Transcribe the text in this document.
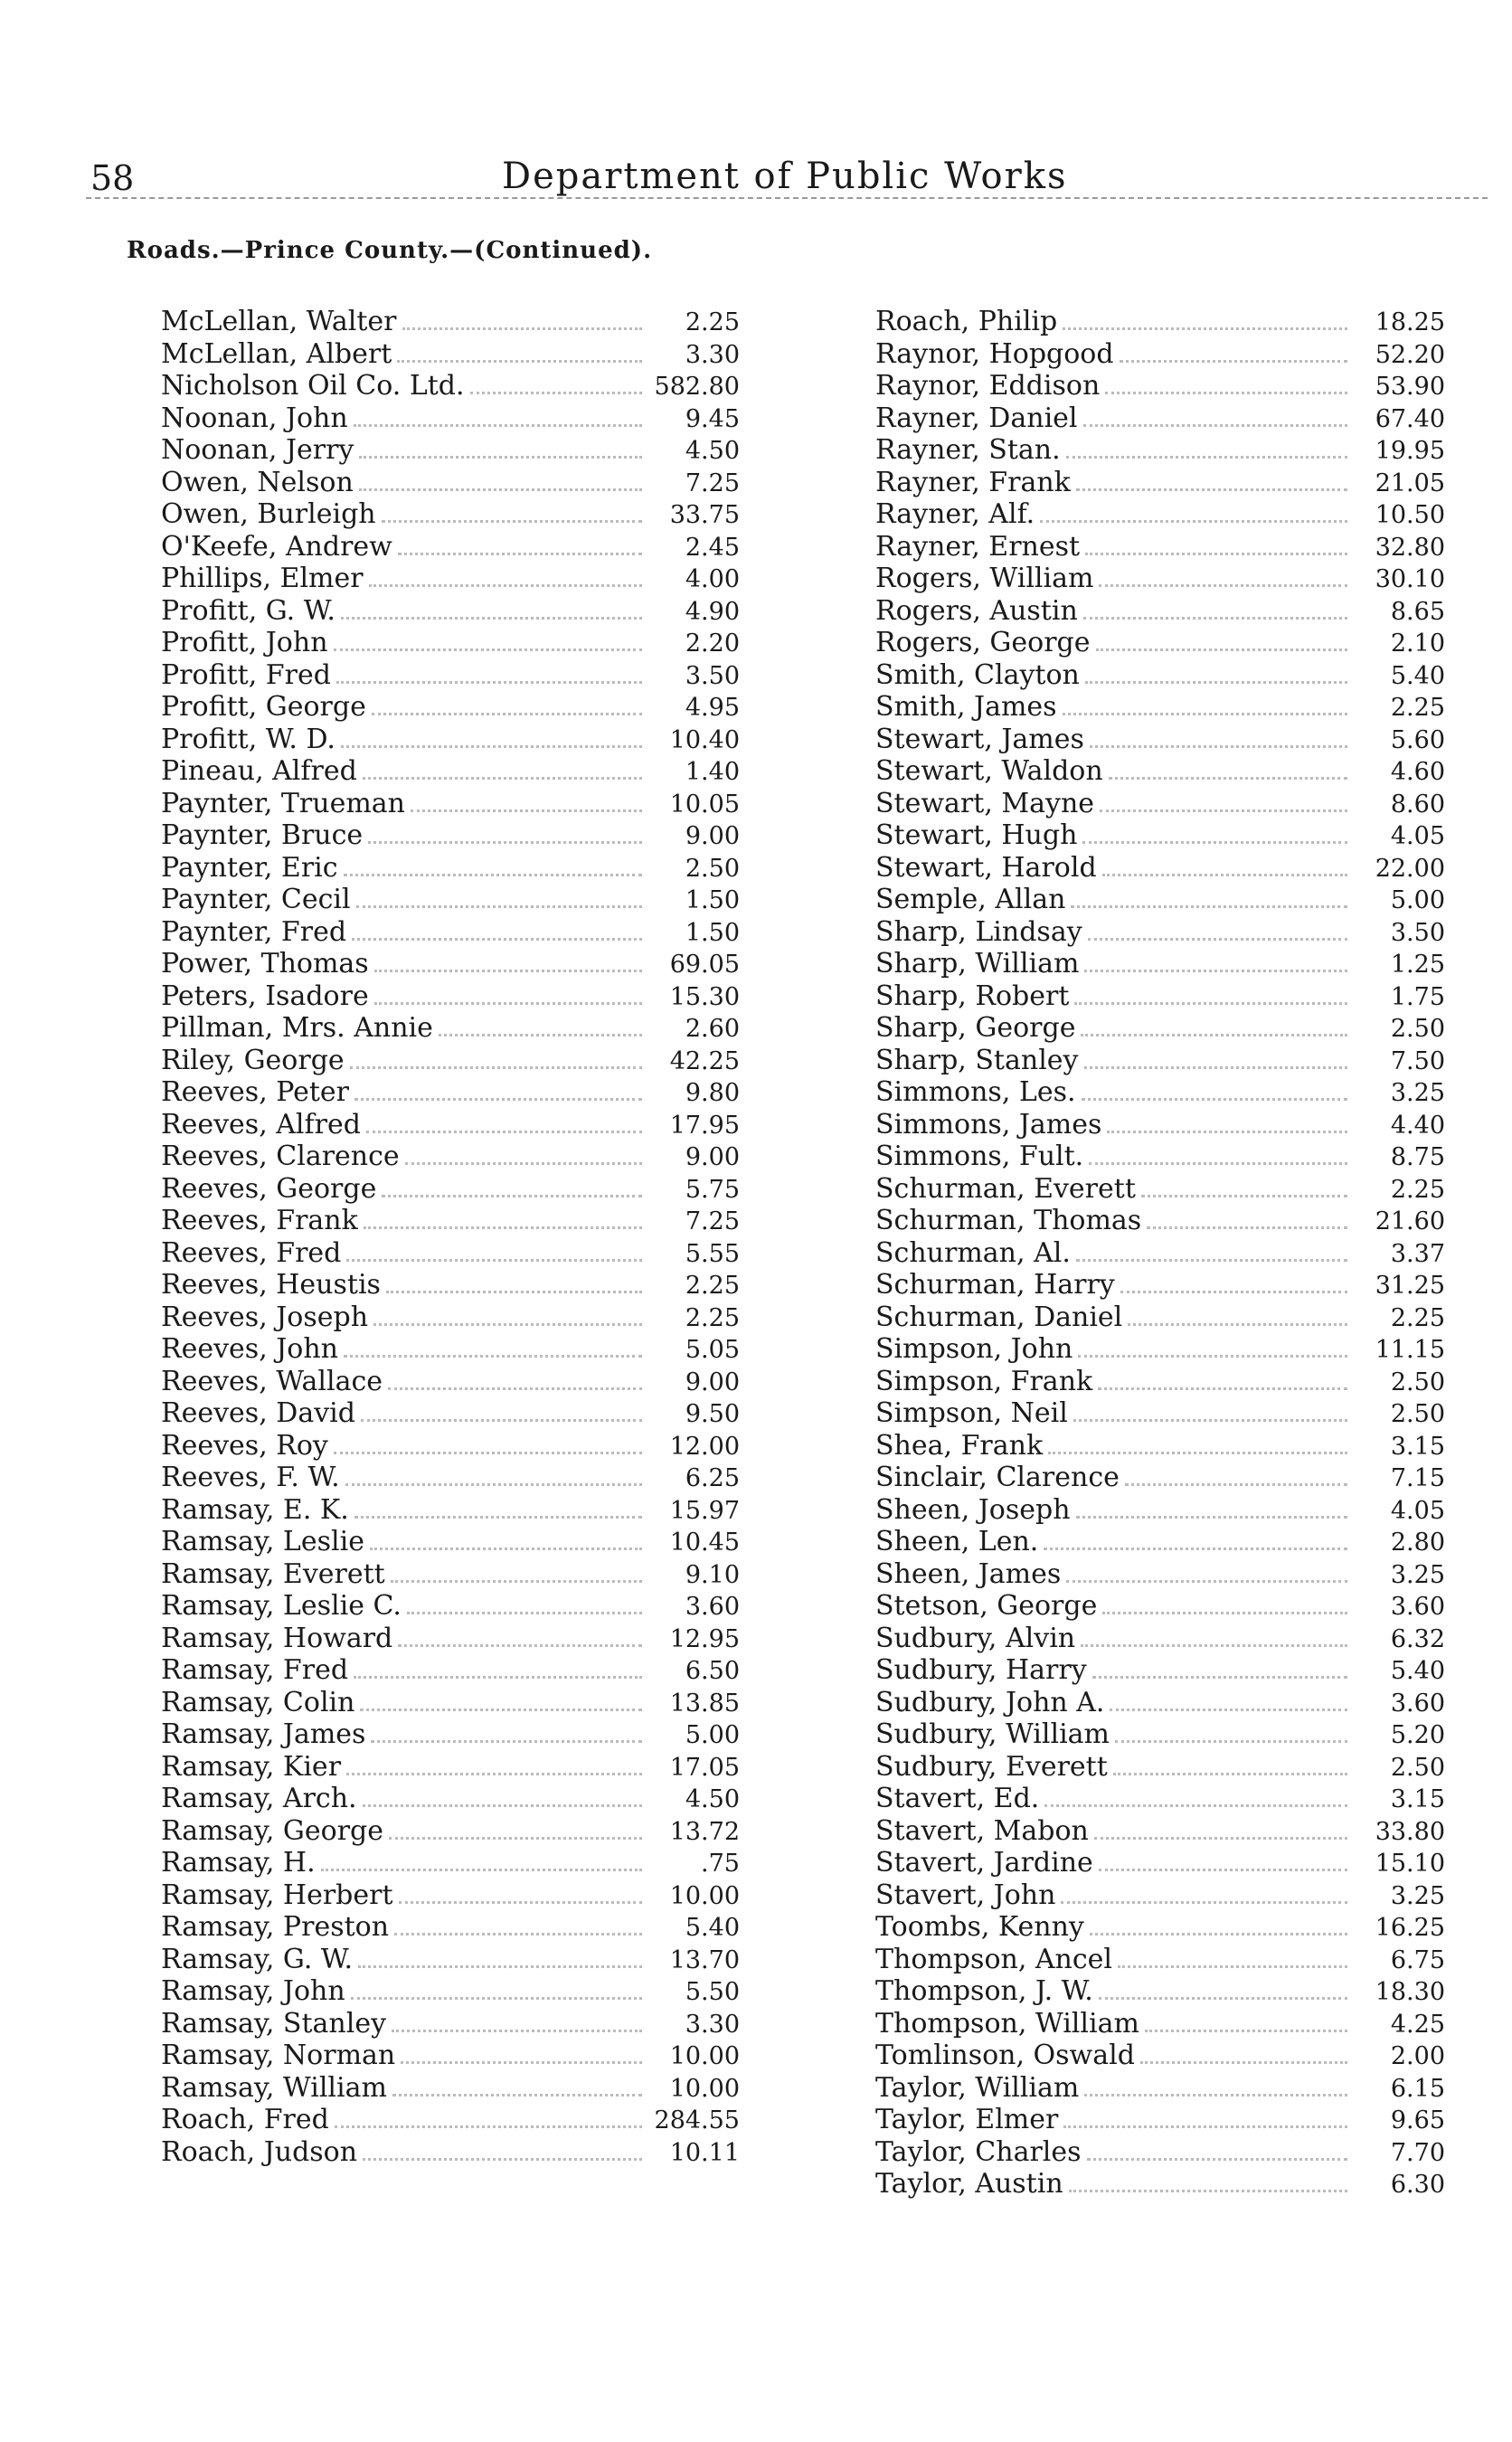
58	Department of Public Works
Roads.—Prince County.—(Continued).
McLellan, Walter	2.25
McLellan, Albert	3.30
Nicholson Oil Co. Ltd.	582.80
Noonan, John	9.45
Noonan, Jerry	4.50
Owen, Nelson	7.25
Owen, Burleigh	33.75
O'Keefe, Andrew	2.45
Phillips, Elmer	4.00
Profitt, G. W.	4.90
Profitt, John	2.20
Profitt, Fred	3.50
Profitt, George	4.95
Profitt, W. D.	10.40
Pineau, Alfred	1.40
Paynter, Trueman	10.05
Paynter, Bruce	9.00
Paynter, Eric	2.50
Paynter, Cecil	1.50
Paynter, Fred	1.50
Power, Thomas	69.05
Peters, Isadore	15.30
Pillman, Mrs. Annie	2.60
Riley, George	42.25
Reeves, Peter	9.80
Reeves, Alfred	17.95
Reeves, Clarence	9.00
Reeves, George	5.75
Reeves, Frank	7.25
Reeves, Fred	5.55
Reeves, Heustis	2.25
Reeves, Joseph	2.25
Reeves, John	5.05
Reeves, Wallace	9.00
Reeves, David	9.50
Reeves, Roy	12.00
Reeves, F. W.	6.25
Ramsay, E. K.	15.97
Ramsay, Leslie	10.45
Ramsay, Everett	9.10
Ramsay, Leslie C.	3.60
Ramsay, Howard	12.95
Ramsay, Fred	6.50
Ramsay, Colin	13.85
Ramsay, James	5.00
Ramsay, Kier	17.05
Ramsay, Arch.	4.50
Ramsay, George	13.72
Ramsay, H.	.75
Ramsay, Herbert	10.00
Ramsay, Preston	5.40
Ramsay, G. W.	13.70
Ramsay, John	5.50
Ramsay, Stanley	3.30
Ramsay, Norman	10.00
Ramsay, William	10.00
Roach, Fred	284.55
Roach, Judson	10.11
Roach, Philip	18.25
Raynor, Hopgood	52.20
Raynor, Eddison	53.90
Rayner, Daniel	67.40
Rayner, Stan.	19.95
Rayner, Frank	21.05
Rayner, Alf.	10.50
Rayner, Ernest	32.80
Rogers, William	30.10
Rogers, Austin	8.65
Rogers, George	2.10
Smith, Clayton	5.40
Smith, James	2.25
Stewart, James	5.60
Stewart, Waldon	4.60
Stewart, Mayne	8.60
Stewart, Hugh	4.05
Stewart, Harold	22.00
Semple, Allan	5.00
Sharp, Lindsay	3.50
Sharp, William	1.25
Sharp, Robert	1.75
Sharp, George	2.50
Sharp, Stanley	7.50
Simmons, Les.	3.25
Simmons, James	4.40
Simmons, Fult.	8.75
Schurman, Everett	2.25
Schurman, Thomas	21.60
Schurman, Al.	3.37
Schurman, Harry	31.25
Schurman, Daniel	2.25
Simpson, John	11.15
Simpson, Frank	2.50
Simpson, Neil	2.50
Shea, Frank	3.15
Sinclair, Clarence	7.15
Sheen, Joseph	4.05
Sheen, Len.	2.80
Sheen, James	3.25
Stetson, George	3.60
Sudbury, Alvin	6.32
Sudbury, Harry	5.40
Sudbury, John A.	3.60
Sudbury, William	5.20
Sudbury, Everett	2.50
Stavert, Ed.	3.15
Stavert, Mabon	33.80
Stavert, Jardine	15.10
Stavert, John	3.25
Toombs, Kenny	16.25
Thompson, Ancel	6.75
Thompson, J. W.	18.30
Thompson, William	4.25
Tomlinson, Oswald	2.00
Taylor, William	6.15
Taylor, Elmer	9.65
Taylor, Charles	7.70
Taylor, Austin	6.30
